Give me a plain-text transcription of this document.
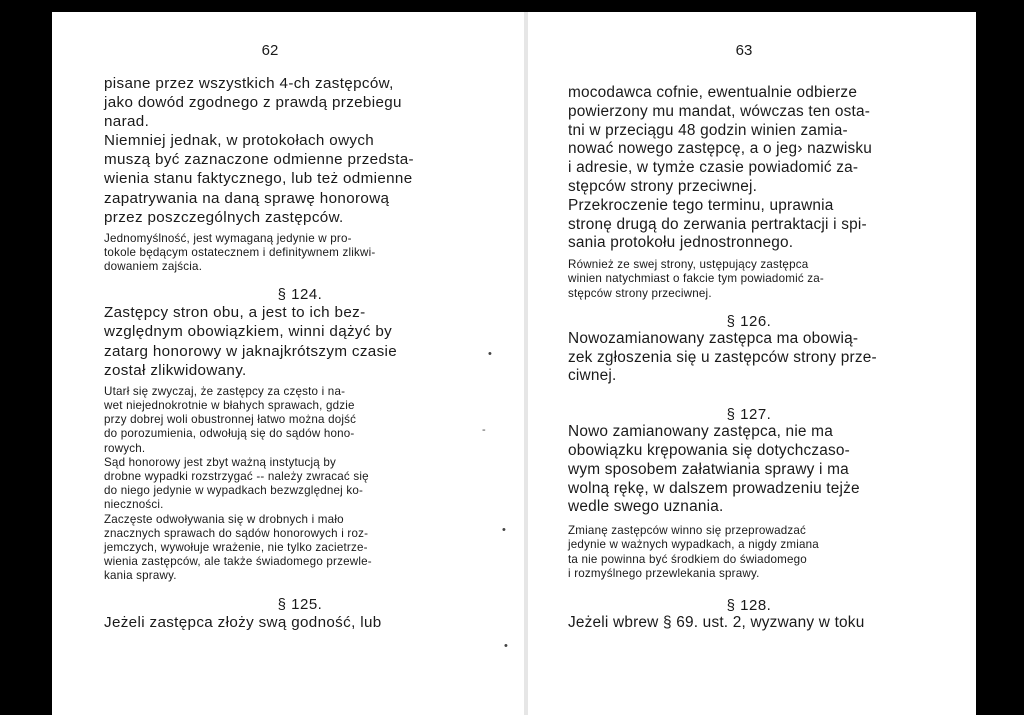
62

pisane przez wszystkich 4-ch zastępców,
jako dowód zgodnego z prawdą przebiegu
narad.

Niemniej jednak, w protokołach owych
muszą być zaznaczone odmienne przedsta-
wienia stanu faktycznego, lub też odmienne
zapatrywania na daną sprawę honorową
przez poszczególnych zastępców.

Jednomyślność, jest wymaganą jedynie w pro-
tokole będącym ostatecznem i definitywnem zlikwi-
dowaniem zajścia.

§ 124.

Zastępcy stron obu, a jest to ich bez-
względnym obowiązkiem, winni dążyć by
zatarg honorowy w jaknajkrótszym czasie
został zlikwidowany.

Utarł się zwyczaj, że zastępcy za często i na-
wet niejednokrotnie w błahych sprawach, gdzie
przy dobrej woli obustronnej łatwo można dojść
do porozumienia, odwołują się do sądów hono-
rowych.

Sąd honorowy jest zbyt ważną instytucją by
drobne wypadki rozstrzygać -- należy zwracać się
do niego jedynie w wypadkach bezwzględnej ko-
nieczności.

Zaczęste odwoływania się w drobnych i mało
znacznych sprawach do sądów honorowych i roz-
jemczych, wywołuje wrażenie, nie tylko zacietrze-
wienia zastępców, ale także świadomego przewle-
kania sprawy.

§ 125.

Jeżeli zastępca złoży swą godność, lub

63

mocodawca cofnie, ewentualnie odbierze
powierzony mu mandat, wówczas ten osta-
tni w przeciągu 48 godzin winien zamia-
nować nowego zastępcę, a o jeg› nazwisku
i adresie, w tymże czasie powiadomić za-
stępców strony przeciwnej.

Przekroczenie tego terminu, uprawnia
stronę drugą do zerwania pertraktacji i spi-
sania protokołu jednostronnego.

Również ze swej strony, ustępujący zastępca
winien natychmiast o fakcie tym powiadomić za-
stępców strony przeciwnej.

§ 126.

Nowozamianowany zastępca ma obowią-
zek zgłoszenia się u zastępców strony prze-
ciwnej.

§ 127.

Nowo zamianowany zastępca, nie ma
obowiązku krępowania się dotychczaso-
wym sposobem załatwiania sprawy i ma
wolną rękę, w dalszem prowadzeniu tejże
wedle swego uznania.

Zmianę zastępców winno się przeprowadzać
jedynie w ważnych wypadkach, a nigdy zmiana
ta nie powinna być środkiem do świadomego
i rozmyślnego przewlekania sprawy.

§ 128.

Jeżeli wbrew § 69. ust. 2, wyzwany w toku

•
-
•
•
